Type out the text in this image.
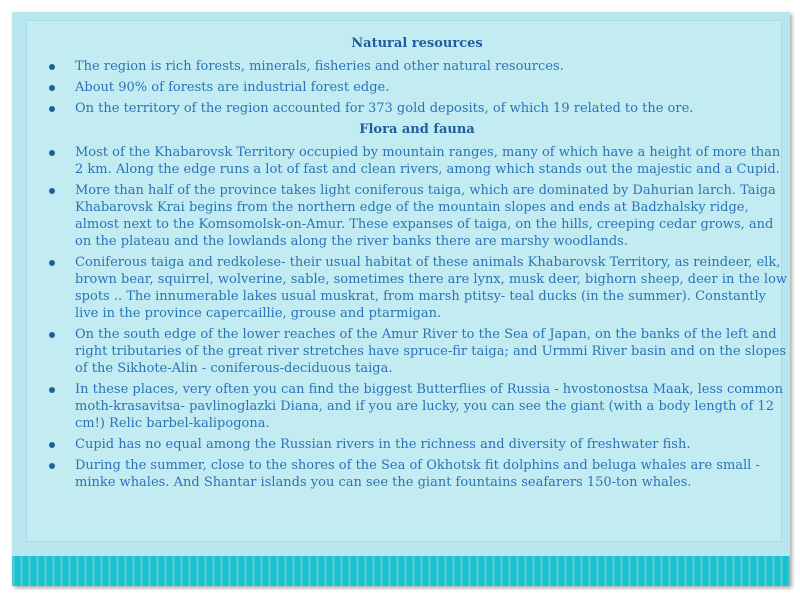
Natural resources
The region is rich forests, minerals, fisheries and other natural resources.
About 90% of forests are industrial forest edge.
On the territory of the region accounted for 373 gold deposits, of which 19 related to the ore.
Flora and fauna
Most of the Khabarovsk Territory occupied by mountain ranges, many of which have a height of more than 2 km. Along the edge runs a lot of fast and clean rivers, among which stands out the majestic and a Cupid.
More than half of the province takes light coniferous taiga, which are dominated by Dahurian larch. Taiga Khabarovsk Krai begins from the northern edge of the mountain slopes and ends at Badzhalsky ridge, almost next to the Komsomolsk-on-Amur. These expanses of taiga, on the hills, creeping cedar grows, and on the plateau and the lowlands along the river banks there are marshy woodlands.
Coniferous taiga and redkolese- their usual habitat of these animals Khabarovsk Territory, as reindeer, elk, brown bear, squirrel, wolverine, sable, sometimes there are lynx, musk deer, bighorn sheep, deer in the low spots .. The innumerable lakes usual muskrat, from marsh ptitsy- teal ducks (in the summer). Constantly live in the province capercaillie, grouse and ptarmigan.
On the south edge of the lower reaches of the Amur River to the Sea of Japan, on the banks of the left and right tributaries of the great river stretches have spruce-fir taiga; and Urmmi River basin and on the slopes of the Sikhote-Alin - coniferous-deciduous taiga.
In these places, very often you can find the biggest Butterflies of Russia - hvostonostsa Maak, less common moth-krasavitsa- pavlinoglazki Diana, and if you are lucky, you can see the giant (with a body length of 12 cm!) Relic barbel-kalipogona.
Cupid has no equal among the Russian rivers in the richness and diversity of freshwater fish.
During the summer, close to the shores of the Sea of Okhotsk fit dolphins and beluga whales are small - minke whales. And Shantar islands you can see the giant fountains seafarers 150-ton whales.
